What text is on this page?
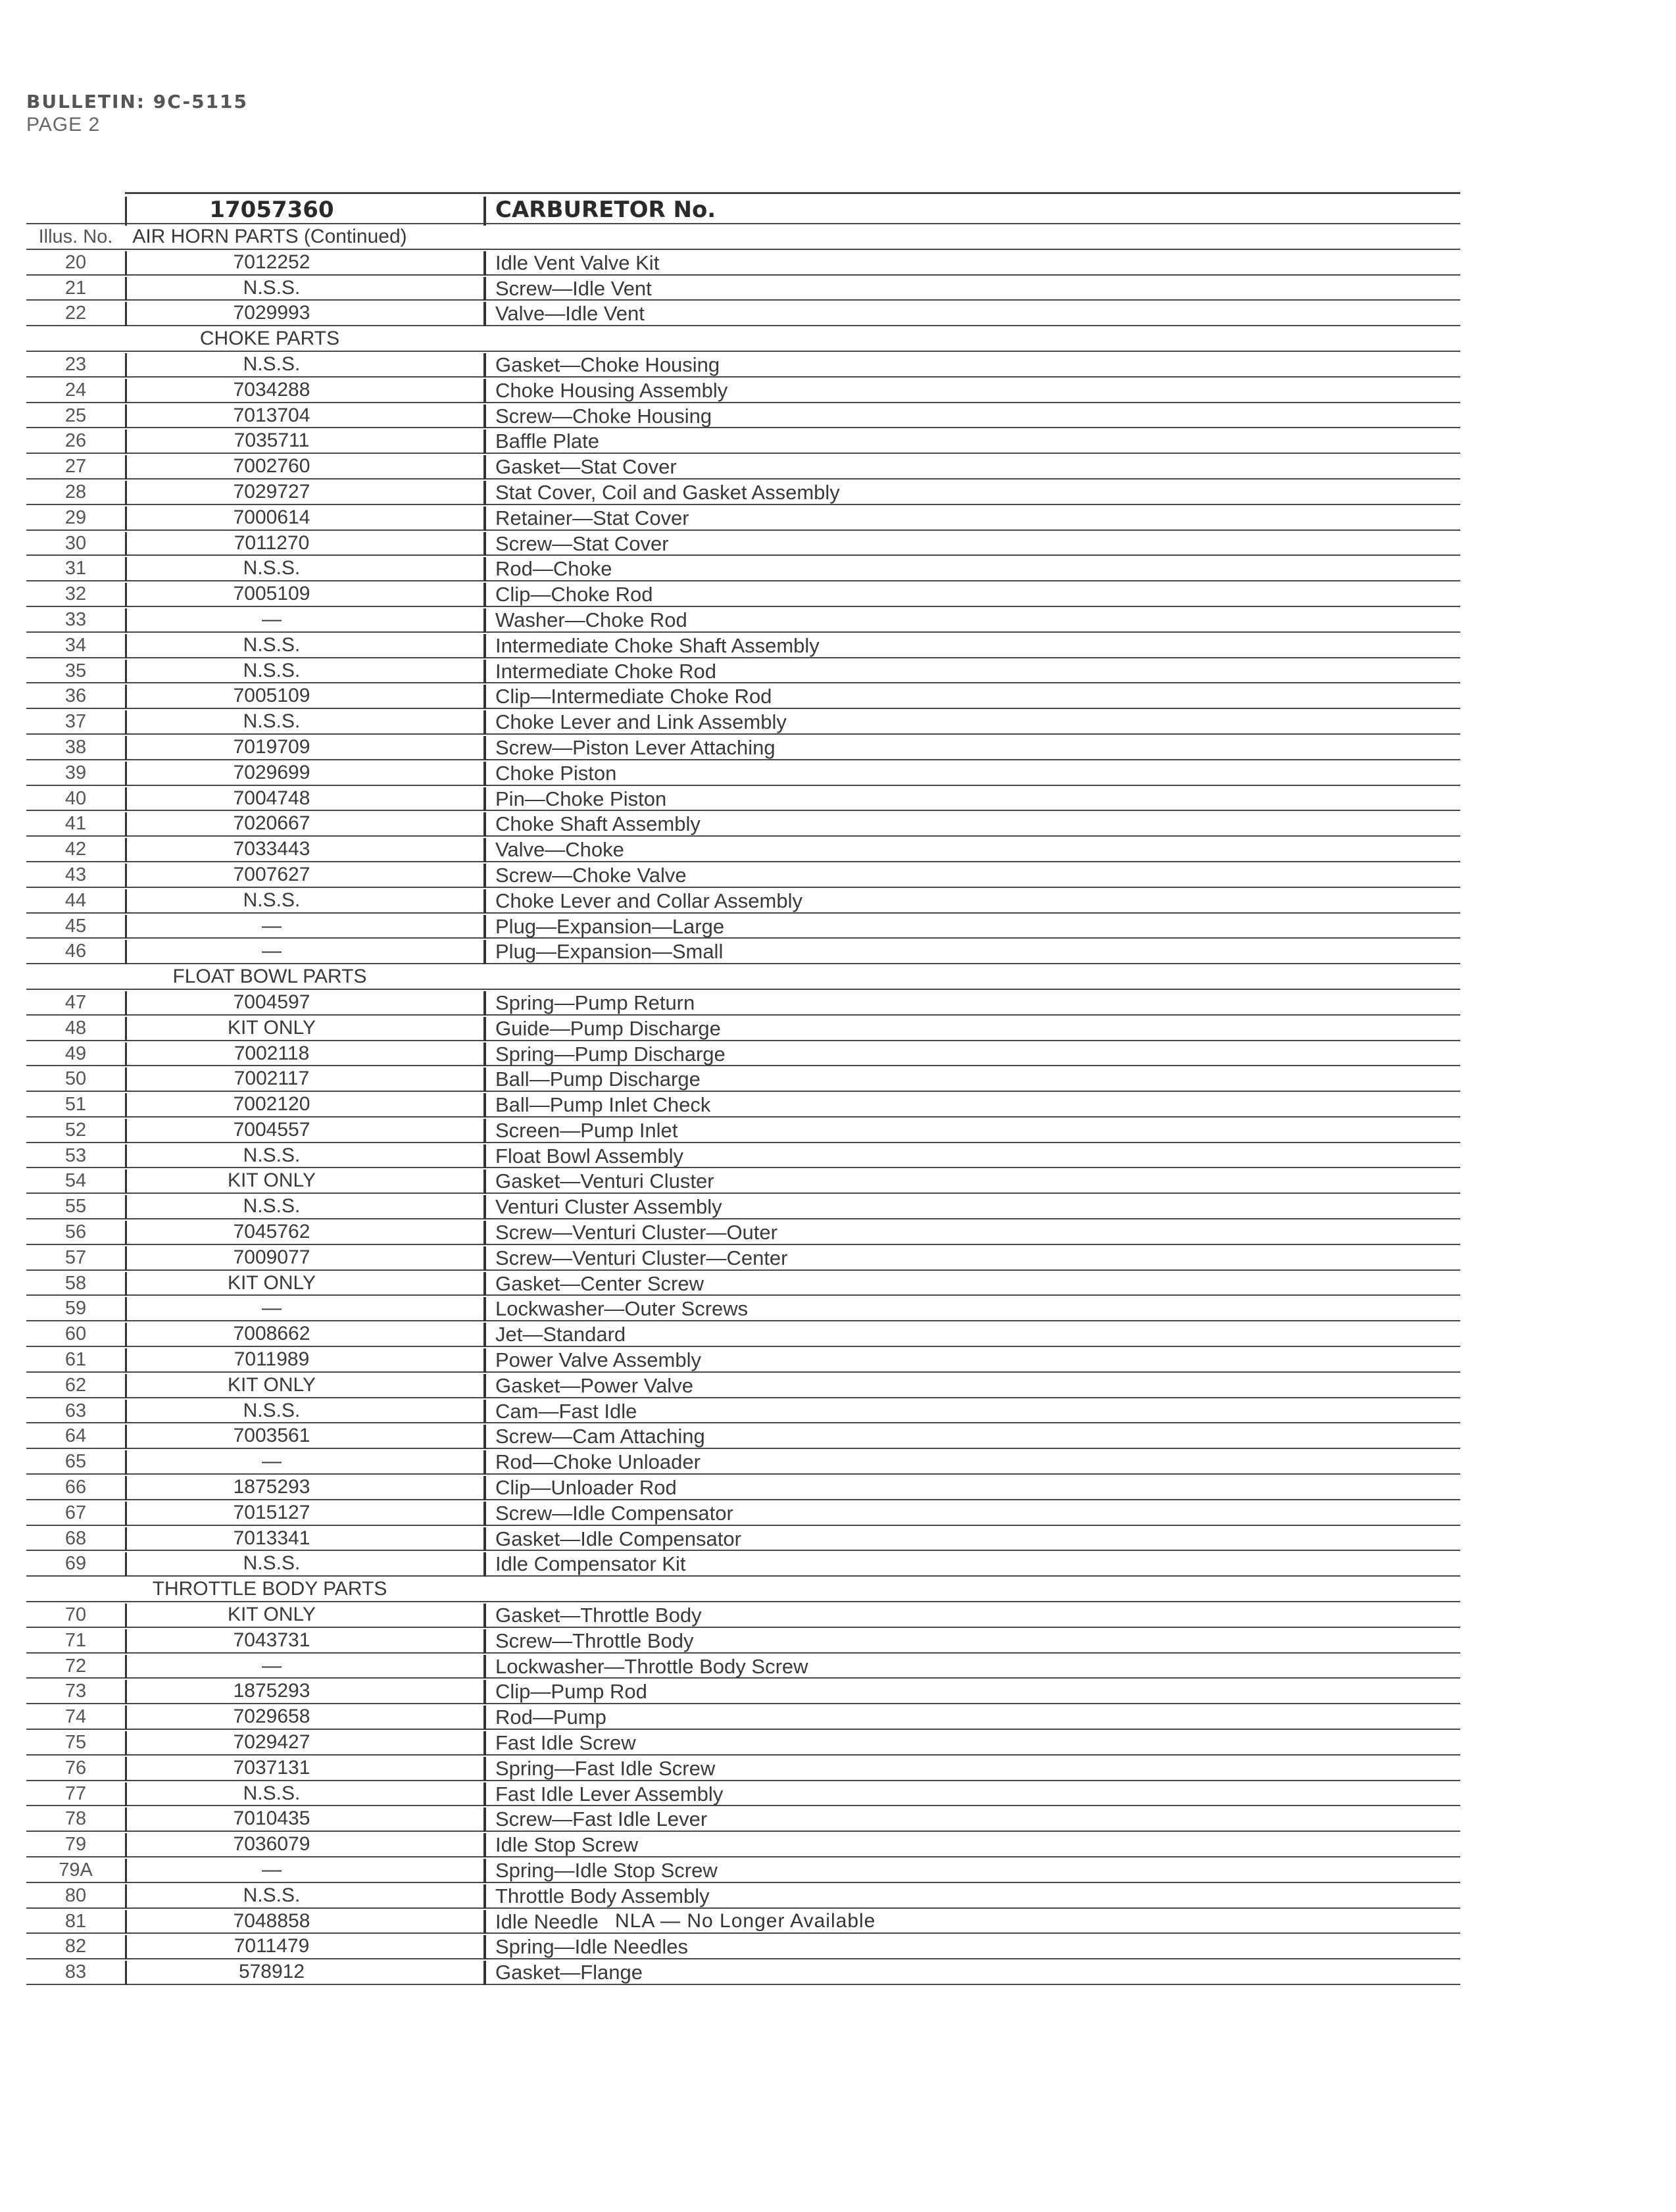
BULLETIN: 9C-5115
PAGE 2
17057360	CARBURETOR No.
Illus. No. AIR HORN PARTS (Continued)
20	7012252	Idle Vent Valve Kit
21	N.S.S.	Screw—Idle Vent
22	7029993	Valve—Idle Vent
CHOKE PARTS
23	N.S.S.	Gasket—Choke Housing
24	7034288	Choke Housing Assembly
25	7013704	Screw—Choke Housing
26	7035711	Baffle Plate
27	7002760	Gasket—Stat Cover
28	7029727	Stat Cover, Coil and Gasket Assembly
29	7000614	Retainer—Stat Cover
30	7011270	Screw—Stat Cover
31	N.S.S.	Rod—Choke
32	7005109	Clip—Choke Rod
33	—	Washer—Choke Rod
34	N.S.S.	Intermediate Choke Shaft Assembly
35	N.S.S.	Intermediate Choke Rod
36	7005109	Clip—Intermediate Choke Rod
37	N.S.S.	Choke Lever and Link Assembly
38	7019709	Screw—Piston Lever Attaching
39	7029699	Choke Piston
40	7004748	Pin—Choke Piston
41	7020667	Choke Shaft Assembly
42	7033443	Valve—Choke
43	7007627	Screw—Choke Valve
44	N.S.S.	Choke Lever and Collar Assembly
45	—	Plug—Expansion—Large
46	—	Plug—Expansion—Small
FLOAT BOWL PARTS
47	7004597	Spring—Pump Return
48	KIT ONLY	Guide—Pump Discharge
49	7002118	Spring—Pump Discharge
50	7002117	Ball—Pump Discharge
51	7002120	Ball—Pump Inlet Check
52	7004557	Screen—Pump Inlet
53	N.S.S.	Float Bowl Assembly
54	KIT ONLY	Gasket—Venturi Cluster
55	N.S.S.	Venturi Cluster Assembly
56	7045762	Screw—Venturi Cluster—Outer
57	7009077	Screw—Venturi Cluster—Center
58	KIT ONLY	Gasket—Center Screw
59	—	Lockwasher—Outer Screws
60	7008662	Jet—Standard
61	7011989	Power Valve Assembly
62	KIT ONLY	Gasket—Power Valve
63	N.S.S.	Cam—Fast Idle
64	7003561	Screw—Cam Attaching
65	—	Rod—Choke Unloader
66	1875293	Clip—Unloader Rod
67	7015127	Screw—Idle Compensator
68	7013341	Gasket—Idle Compensator
69	N.S.S.	Idle Compensator Kit
THROTTLE BODY PARTS
70	KIT ONLY	Gasket—Throttle Body
71	7043731	Screw—Throttle Body
72	—	Lockwasher—Throttle Body Screw
73	1875293	Clip—Pump Rod
74	7029658	Rod—Pump
75	7029427	Fast Idle Screw
76	7037131	Spring—Fast Idle Screw
77	N.S.S.	Fast Idle Lever Assembly
78	7010435	Screw—Fast Idle Lever
79	7036079	Idle Stop Screw
79A	—	Spring—Idle Stop Screw
80	N.S.S.	Throttle Body Assembly
81	7048858	Idle Needle
82	7011479	Spring—Idle Needles
83	578912	Gasket—Flange
NLA — No Longer Available
